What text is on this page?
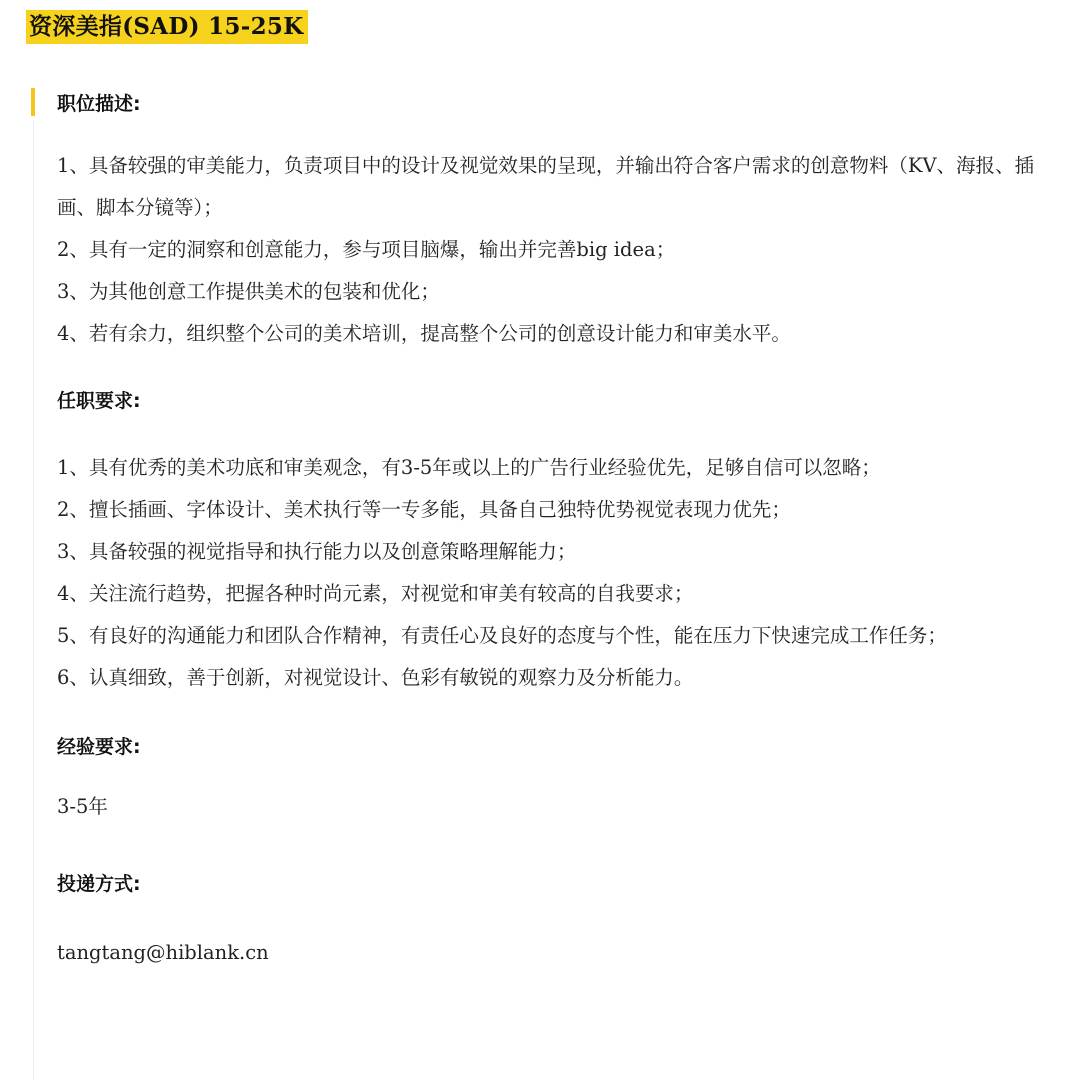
资深美指(SAD) 15-25K
职位描述:
1、具备较强的审美能力，负责项目中的设计及视觉效果的呈现，并输出符合客户需求的创意物料（KV、海报、插画、脚本分镜等）；
2、具有一定的洞察和创意能力，参与项目脑爆，输出并完善big idea；
3、为其他创意工作提供美术的包装和优化；
4、若有余力，组织整个公司的美术培训，提高整个公司的创意设计能力和审美水平。
任职要求:
1、具有优秀的美术功底和审美观念，有3-5年或以上的广告行业经验优先，足够自信可以忽略；
2、擅长插画、字体设计、美术执行等一专多能，具备自己独特优势视觉表现力优先；
3、具备较强的视觉指导和执行能力以及创意策略理解能力；
4、关注流行趋势，把握各种时尚元素，对视觉和审美有较高的自我要求；
5、有良好的沟通能力和团队合作精神，有责任心及良好的态度与个性，能在压力下快速完成工作任务；
6、认真细致，善于创新，对视觉设计、色彩有敏锐的观察力及分析能力。
经验要求:

3-5年

投递方式:

tangtang@hiblank.cn
